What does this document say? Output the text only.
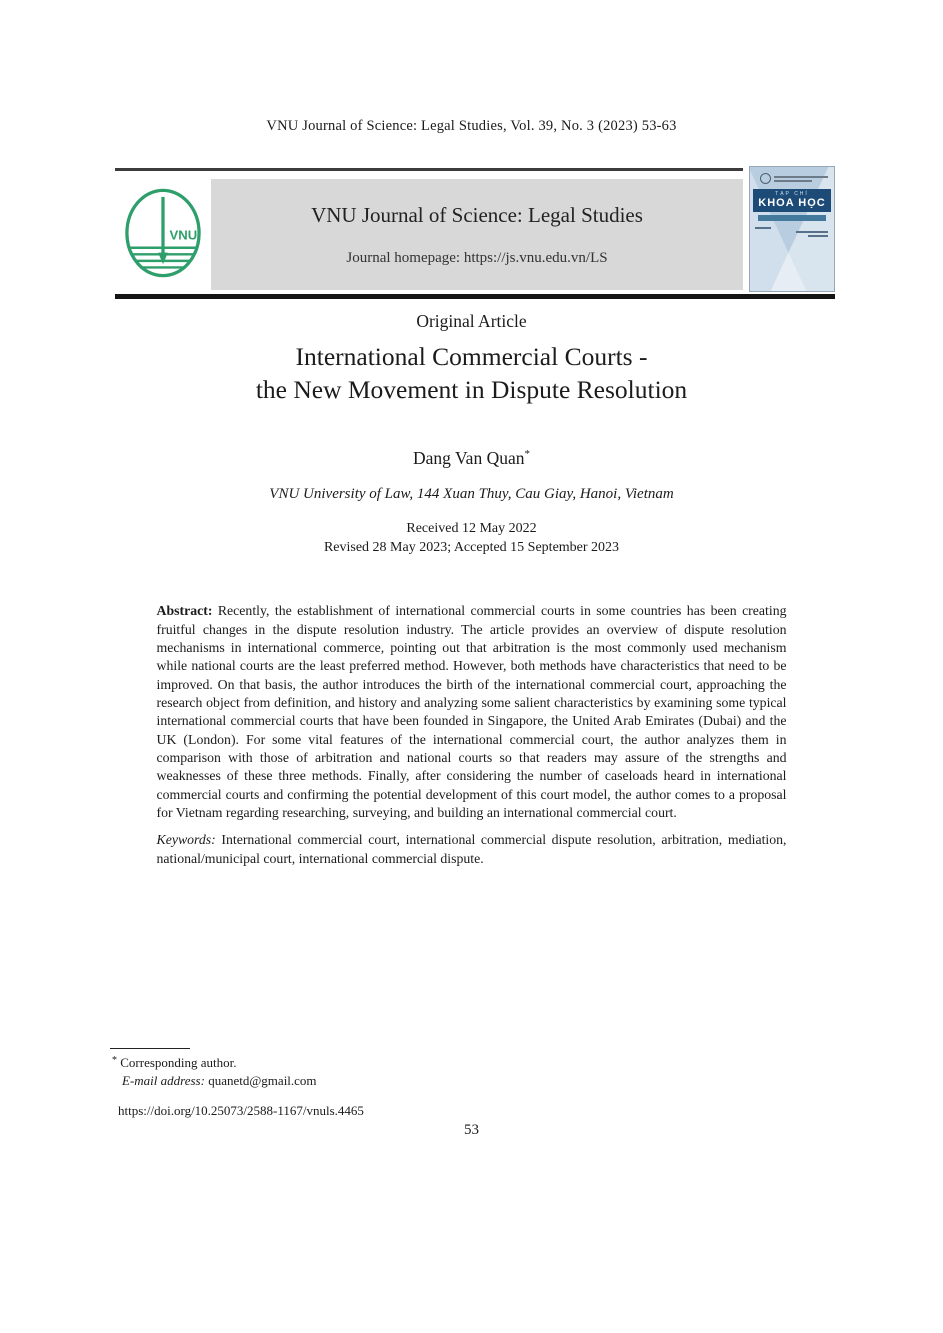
VNU Journal of Science: Legal Studies, Vol. 39, No. 3 (2023) 53-63
VNU
VNU Journal of Science: Legal Studies
Journal homepage: https://js.vnu.edu.vn/LS
TẠP CHÍ
KHOA HỌC
Original Article
International Commercial Courts -
the New Movement in Dispute Resolution
Dang Van Quan*
VNU University of Law, 144 Xuan Thuy, Cau Giay, Hanoi, Vietnam
Received 12 May 2022
Revised 28 May 2023; Accepted 15 September 2023

Abstract: Recently, the establishment of international commercial courts in some countries has been creating fruitful changes in the dispute resolution industry. The article provides an overview of dispute resolution mechanisms in international commerce, pointing out that arbitration is the most commonly used mechanism while national courts are the least preferred method. However, both methods have characteristics that need to be improved. On that basis, the author introduces the birth of the international commercial court, approaching the research object from definition, and history and analyzing some salient characteristics by examining some typical international commercial courts that have been founded in Singapore, the United Arab Emirates (Dubai) and the UK (London). For some vital features of the international commercial court, the author analyzes them in comparison with those of arbitration and national courts so that readers may assure of the strengths and weaknesses of these three methods. Finally, after considering the number of caseloads heard in international commercial courts and confirming the potential development of this court model, the author comes to a proposal for Vietnam regarding researching, surveying, and building an international commercial court.

Keywords: International commercial court, international commercial dispute resolution, arbitration, mediation, national/municipal court, international commercial dispute.

* Corresponding author.
E-mail address: quanetd@gmail.com
https://doi.org/10.25073/2588-1167/vnuls.4465
53
